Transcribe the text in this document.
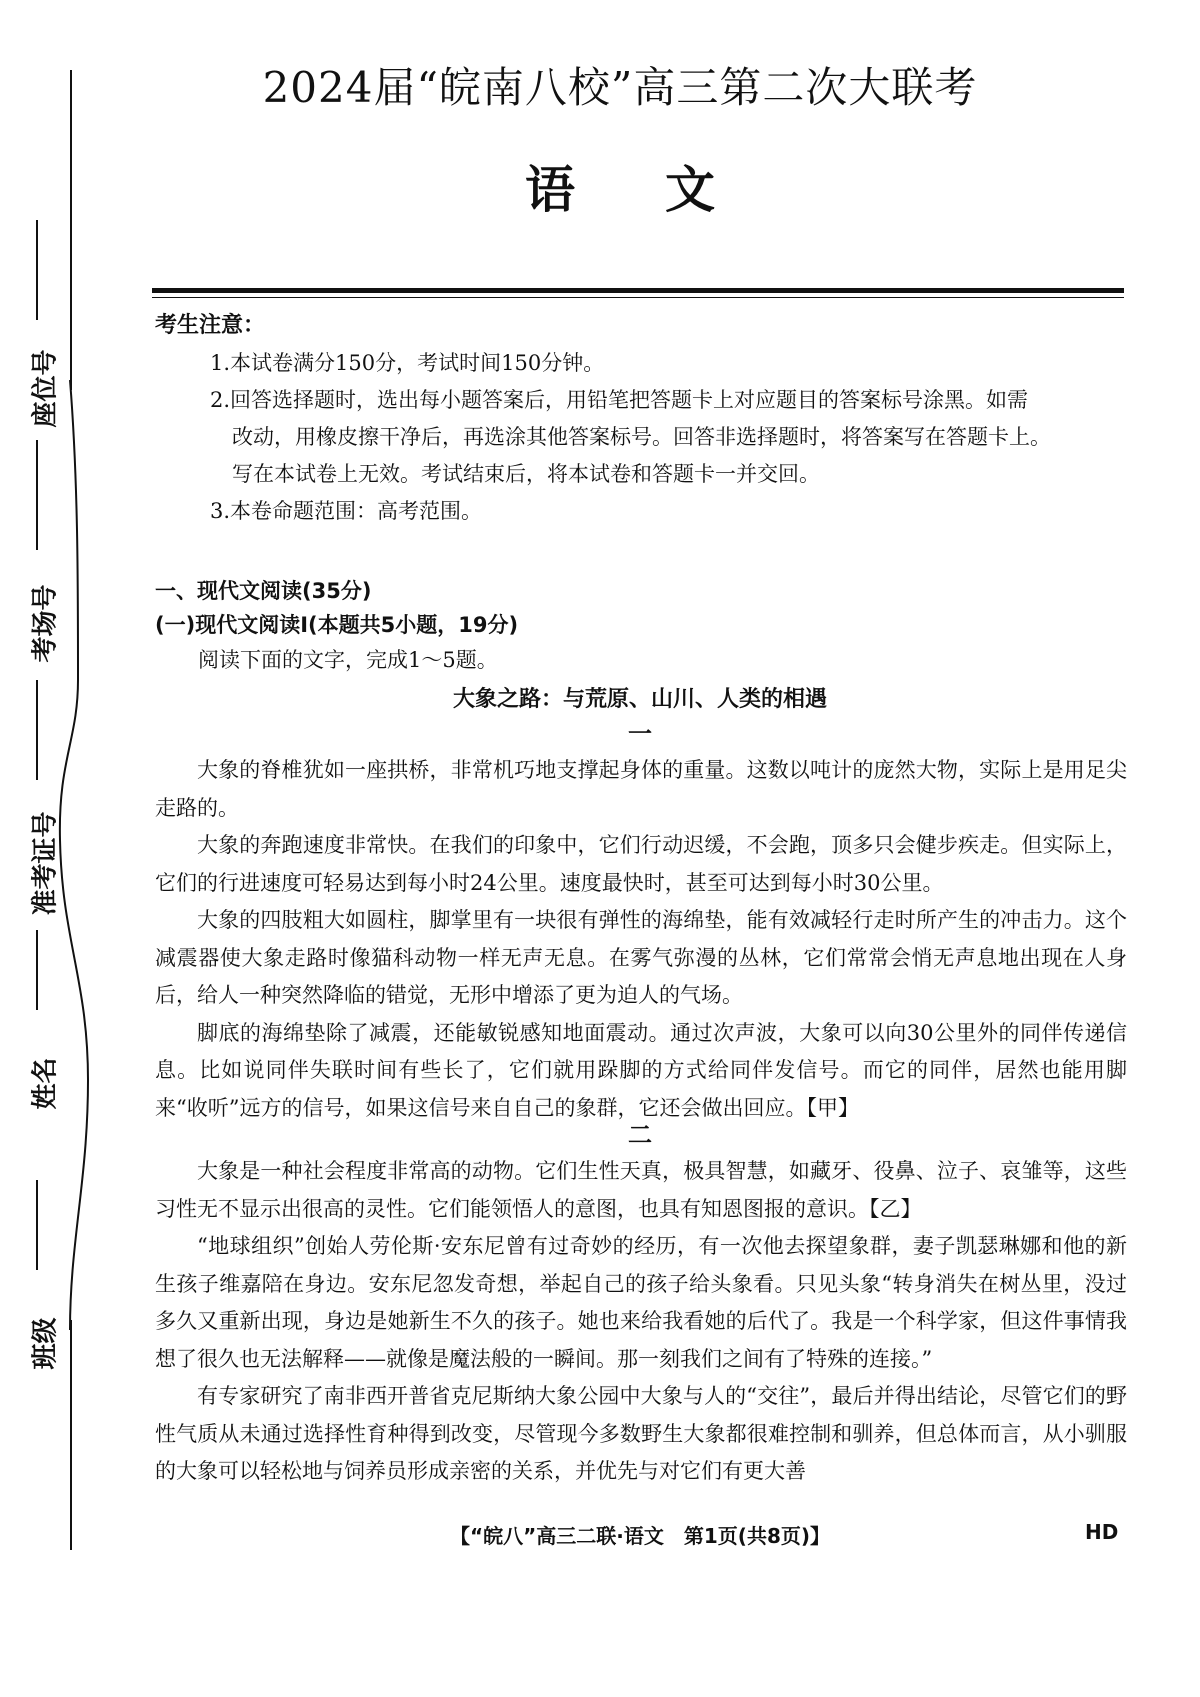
班级
姓名
准考证号
考场号
座位号
2024届“皖南八校”高三第二次大联考
语文
考生注意：
1.本试卷满分150分，考试时间150分钟。
2.回答选择题时，选出每小题答案后，用铅笔把答题卡上对应题目的答案标号涂黑。如需
改动，用橡皮擦干净后，再选涂其他答案标号。回答非选择题时，将答案写在答题卡上。
写在本试卷上无效。考试结束后，将本试卷和答题卡一并交回。
3.本卷命题范围：高考范围。
一、现代文阅读(35分)
(一)现代文阅读Ⅰ(本题共5小题，19分)
阅读下面的文字，完成1～5题。
大象之路：与荒原、山川、人类的相遇
一

大象的脊椎犹如一座拱桥，非常机巧地支撑起身体的重量。这数以吨计的庞然大物，实际上是用足尖走路的。

大象的奔跑速度非常快。在我们的印象中，它们行动迟缓，不会跑，顶多只会健步疾走。但实际上，它们的行进速度可轻易达到每小时24公里。速度最快时，甚至可达到每小时30公里。

大象的四肢粗大如圆柱，脚掌里有一块很有弹性的海绵垫，能有效减轻行走时所产生的冲击力。这个减震器使大象走路时像猫科动物一样无声无息。在雾气弥漫的丛林，它们常常会悄无声息地出现在人身后，给人一种突然降临的错觉，无形中增添了更为迫人的气场。

脚底的海绵垫除了减震，还能敏锐感知地面震动。通过次声波，大象可以向30公里外的同伴传递信息。比如说同伴失联时间有些长了，它们就用跺脚的方式给同伴发信号。而它的同伴，居然也能用脚来“收听”远方的信号，如果这信号来自自己的象群，它还会做出回应。【甲】

二

大象是一种社会程度非常高的动物。它们生性天真，极具智慧，如藏牙、役鼻、泣子、哀雏等，这些习性无不显示出很高的灵性。它们能领悟人的意图，也具有知恩图报的意识。【乙】

“地球组织”创始人劳伦斯·安东尼曾有过奇妙的经历，有一次他去探望象群，妻子凯瑟琳娜和他的新生孩子维嘉陪在身边。安东尼忽发奇想，举起自己的孩子给头象看。只见头象“转身消失在树丛里，没过多久又重新出现，身边是她新生不久的孩子。她也来给我看她的后代了。我是一个科学家，但这件事情我想了很久也无法解释——就像是魔法般的一瞬间。那一刻我们之间有了特殊的连接。”

有专家研究了南非西开普省克尼斯纳大象公园中大象与人的“交往”，最后并得出结论，尽管它们的野性气质从未通过选择性育种得到改变，尽管现今多数野生大象都很难控制和驯养，但总体而言，从小驯服的大象可以轻松地与饲养员形成亲密的关系，并优先与对它们有更大善

【“皖八”高三二联·语文　第1页(共8页)】	HD
